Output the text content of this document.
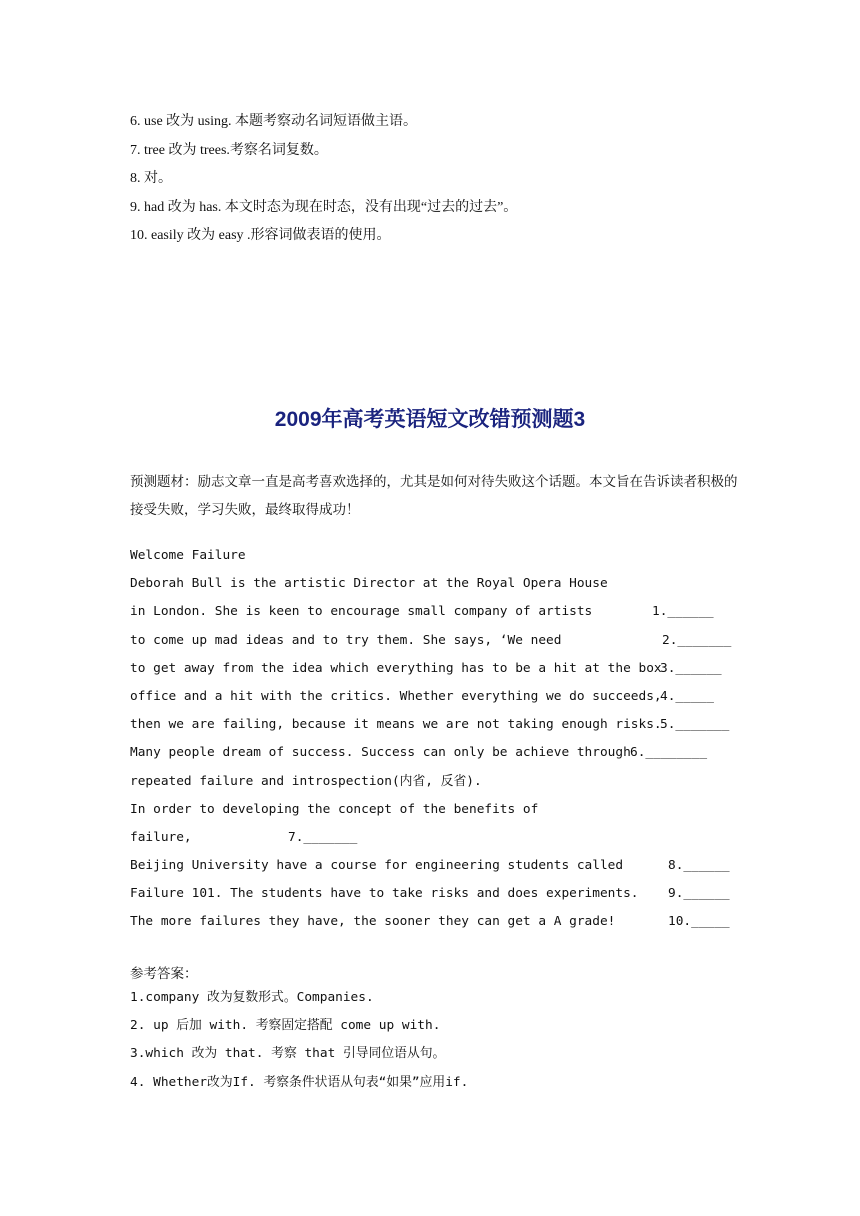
6. use 改为 using. 本题考察动名词短语做主语。
7. tree 改为 trees.考察名词复数。
8. 对。
9. had 改为 has. 本文时态为现在时态，没有出现“过去的过去”。
10. easily 改为 easy .形容词做表语的使用。
2009年高考英语短文改错预测题3
预测题材：励志文章一直是高考喜欢选择的，尤其是如何对待失败这个话题。本文旨在告诉读者积极的接受失败，学习失败，最终取得成功！
Welcome Failure
Deborah Bull is the artistic Director at the Royal Opera House
in London. She is keen to encourage small company of artists	1.______
to come up mad ideas and to try them. She says, ‘We need	2._______
to get away from the idea which everything has to be a hit at the box
3.______
office and a hit with the critics. Whether everything we do succeeds,
4._____
then we are failing, because it means we are not taking enough risks.
5._______
Many people dream of success. Success can only be achieve through 6.________
repeated failure and introspection(内省, 反省).
In order to developing the concept of the benefits of
failure,	7._______
Beijing University have a course for engineering students called	8.______
Failure 101. The students have to take risks and does experiments. 9.______
The more failures they have, the sooner they can get a A grade!	10._____
参考答案：
1.company 改为复数形式。Companies.
2. up 后加 with. 考察固定搭配 come up with.
3.which 改为 that. 考察 that 引导同位语从句。
4. Whether改为If. 考察条件状语从句表“如果”应用if.
